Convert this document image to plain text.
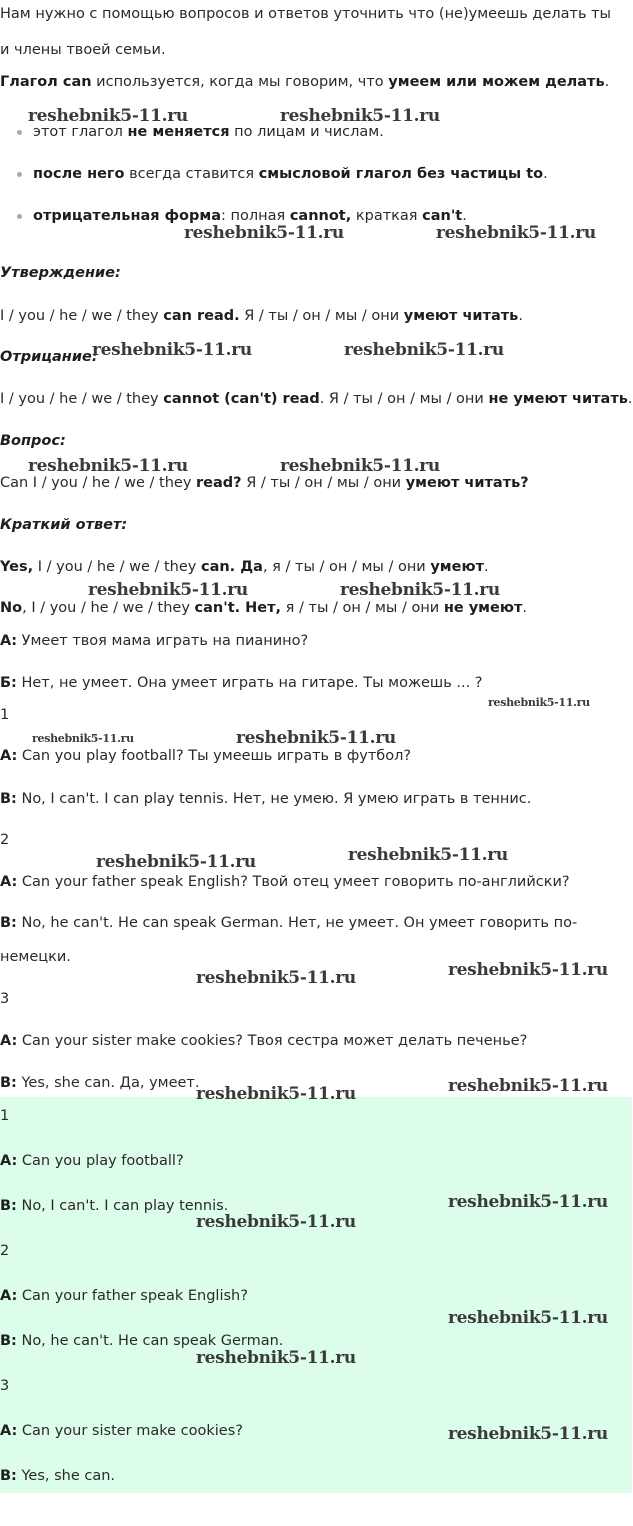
Нам нужно с помощью вопросов и ответов уточнить что (не)умеешь делать ты
и члены твоей семьи.
Глагол can используется, когда мы говорим, что умеем или можем делать.
этот глагол не меняется по лицам и числам.
после него всегда ставится смысловой глагол без частицы to.
отрицательная форма: полная cannot, краткая can't.
Утверждение:
I / you / he / we / they can read. Я / ты / он / мы / они умеют читать.
Отрицание:
I / you / he / we / they cannot (can't) read. Я / ты / он / мы / они не умеют читать.
Вопрос:
Can I / you / he / we / they read? Я / ты / он / мы / они умеют читать?
Краткий ответ:
Yes, I / you / he / we / they can. Да, я / ты / он / мы / они умеют.
No, I / you / he / we / they can't. Нет, я / ты / он / мы / они не умеют.
А: Умеет твоя мама играть на пианино?
Б: Нет, не умеет. Она умеет играть на гитаре. Ты можешь ... ?
1
A: Can you play football? Ты умеешь играть в футбол?
B: No, I can't. I can play tennis. Нет, не умею. Я умею играть в теннис.
2
A: Can your father speak English? Твой отец умеет говорить по-английски?
B: No, he can't. He can speak German. Нет, не умеет. Он умеет говорить по-
немецки.
3
A: Can your sister make cookies? Твоя сестра может делать печенье?
B: Yes, she can. Да, умеет.
1
A: Can you play football?
B: No, I can't. I can play tennis.
2
A: Can your father speak English?
B: No, he can't. He can speak German.
3
A: Can your sister make cookies?
B: Yes, she can.
reshebnik5-11.ru	reshebnik5-11.ru
reshebnik5-11.ru	reshebnik5-11.ru
reshebnik5-11.ru	reshebnik5-11.ru
reshebnik5-11.ru	reshebnik5-11.ru
reshebnik5-11.ru	reshebnik5-11.ru
reshebnik5-11.ru
reshebnik5-11.ru	reshebnik5-11.ru
reshebnik5-11.ru	reshebnik5-11.ru
reshebnik5-11.ru
reshebnik5-11.ru
reshebnik5-11.ru	reshebnik5-11.ru
reshebnik5-11.ru
reshebnik5-11.ru
reshebnik5-11.ru
reshebnik5-11.ru
reshebnik5-11.ru
